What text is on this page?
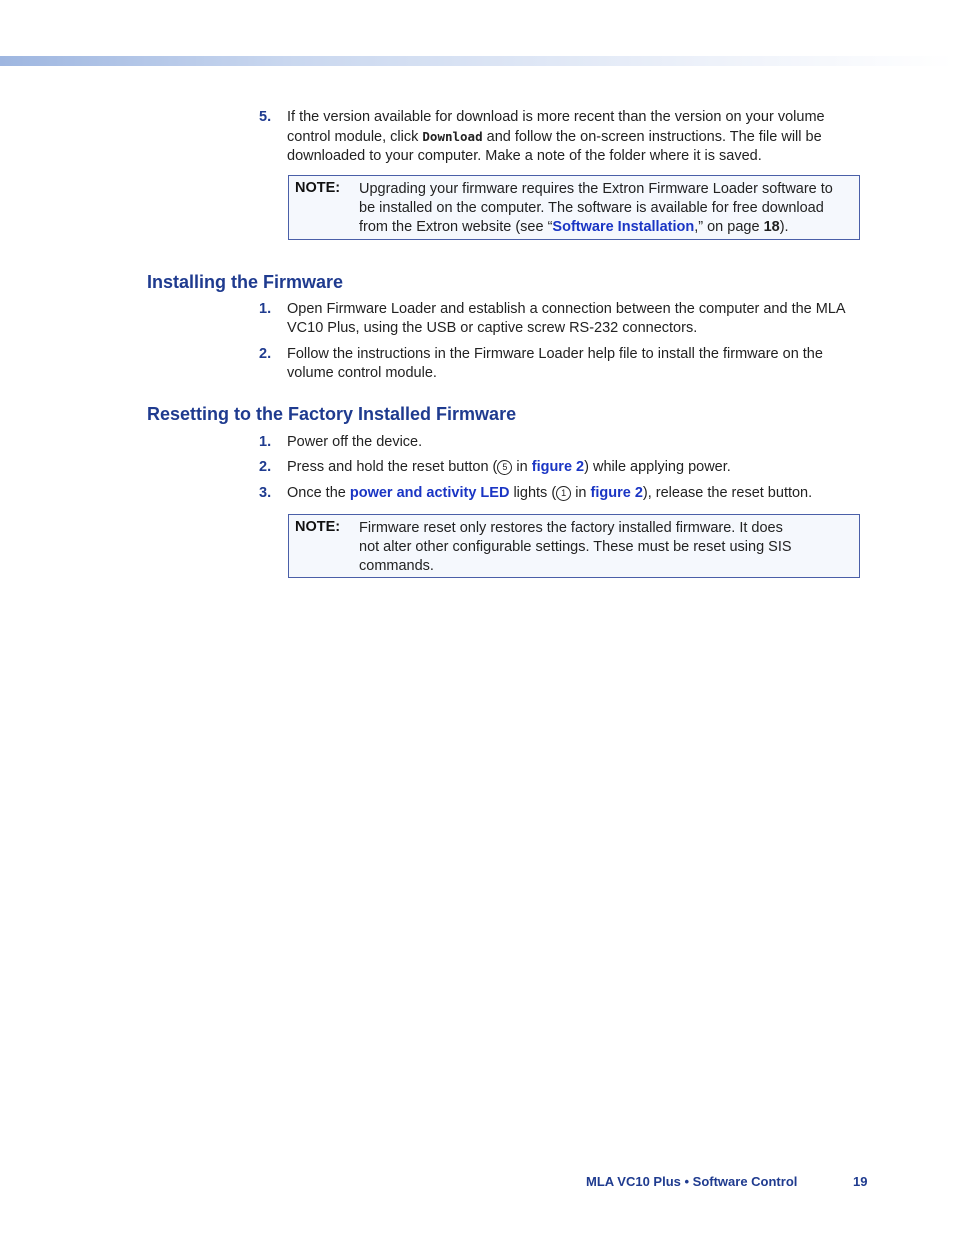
5. If the version available for download is more recent than the version on your volume control module, click Download and follow the on-screen instructions. The file will be downloaded to your computer. Make a note of the folder where it is saved.
NOTE: Upgrading your firmware requires the Extron Firmware Loader software to be installed on the computer. The software is available for free download from the Extron website (see “Software Installation,” on page 18).
Installing the Firmware
1. Open Firmware Loader and establish a connection between the computer and the MLA VC10 Plus, using the USB or captive screw RS-232 connectors.
2. Follow the instructions in the Firmware Loader help file to install the firmware on the volume control module.
Resetting to the Factory Installed Firmware
1. Power off the device.
2. Press and hold the reset button ( 5 in figure 2) while applying power.
3. Once the power and activity LED lights ( 1 in figure 2), release the reset button.
NOTE: Firmware reset only restores the factory installed firmware. It does
not alter other configurable settings. These must be reset using SIS
commands.
MLA VC10 Plus • Software Control	19
